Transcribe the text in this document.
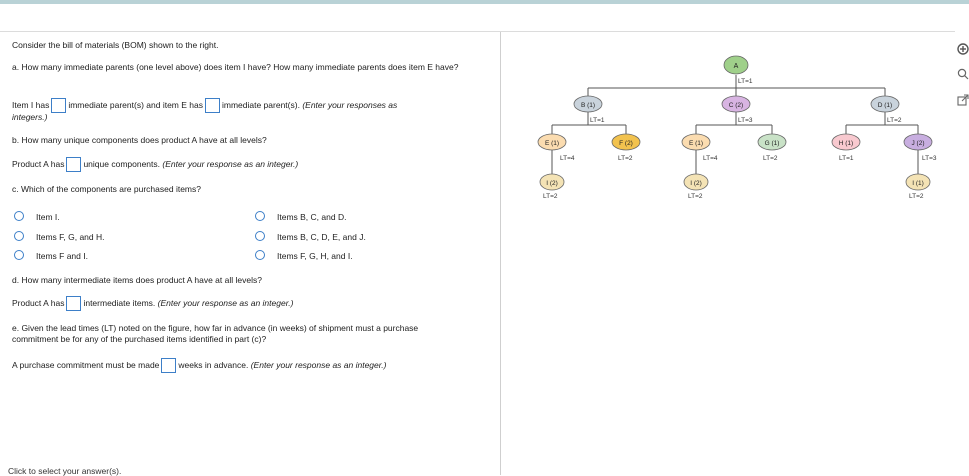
Consider the bill of materials (BOM) shown to the right.
a. How many immediate parents (one level above) does item I have? How many immediate parents does item E have?
Item I has immediate parent(s) and item E has immediate parent(s). (Enter your responses as
integers.)
b. How many unique components does product A have at all levels?
Product A has unique components. (Enter your response as an integer.)
c. Which of the components are purchased items?
Item I.
Items F, G, and H.
Items F and I.
Items B, C, and D.
Items B, C, D, E, and J.
Items F, G, H, and I.
d. How many intermediate items does product A have at all levels?
Product A has intermediate items. (Enter your response as an integer.)
e. Given the lead times (LT) noted on the figure, how far in advance (in weeks) of shipment must a purchase
commitment be for any of the purchased items identified in part (c)?
A purchase commitment must be made weeks in advance. (Enter your response as an integer.)
Click to select your answer(s).
A
LT=1
B (1)
LT=1
C (2)
LT=3
D (1)
LT=2
E (1)
LT=4
F (2)
LT=2
E (1)
LT=4
G (1)
LT=2
H (1)
LT=1
J (2)
LT=3
I (2)
LT=2
I (2)
LT=2
I (1)
LT=2
